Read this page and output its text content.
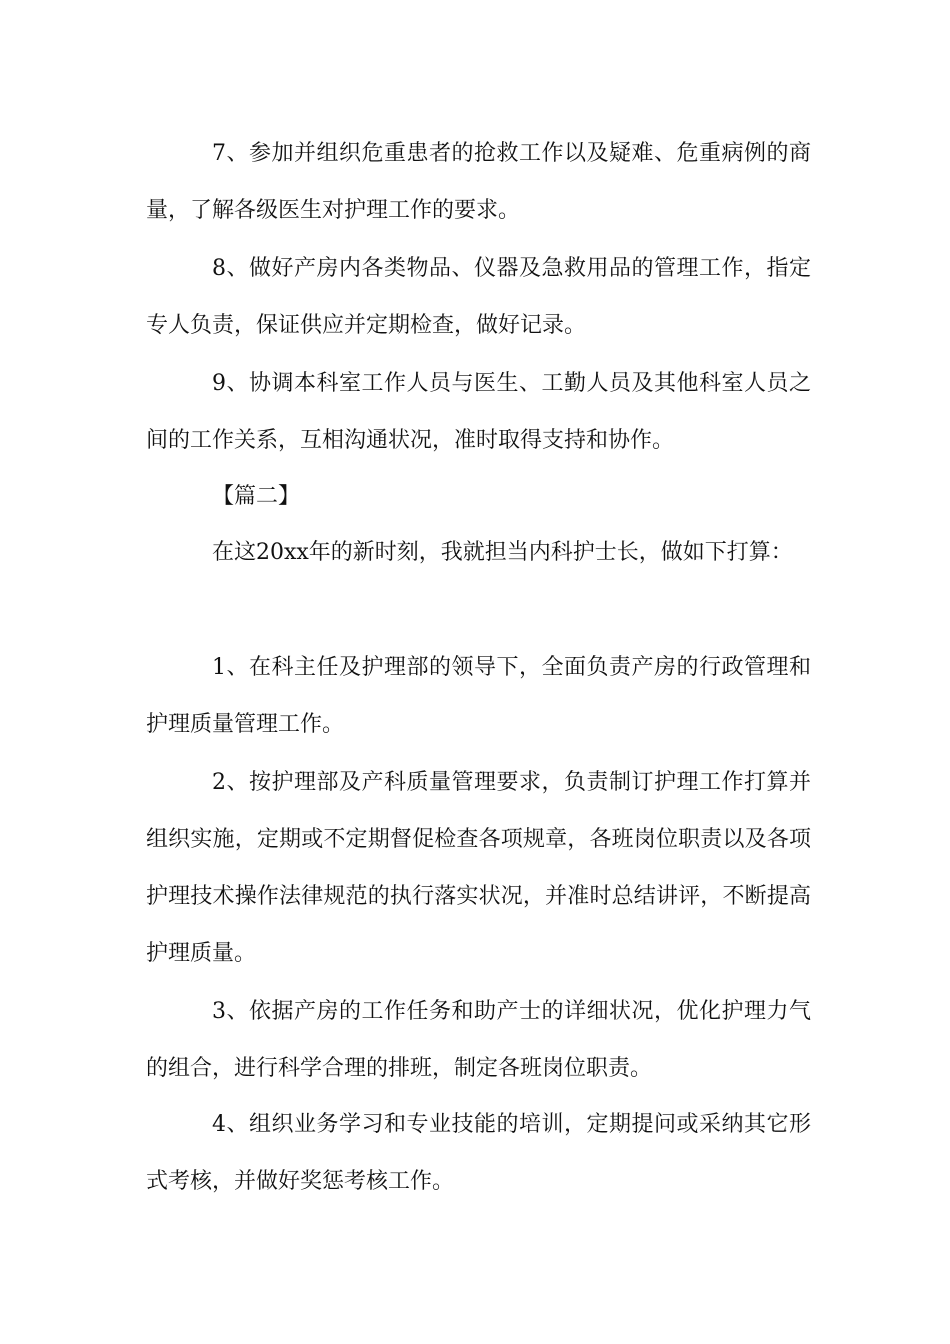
7、参加并组织危重患者的抢救工作以及疑难、危重病例的商量，了解各级医生对护理工作的要求。

8、做好产房内各类物品、仪器及急救用品的管理工作，指定专人负责，保证供应并定期检查，做好记录。

9、协调本科室工作人员与医生、工勤人员及其他科室人员之间的工作关系，互相沟通状况，准时取得支持和协作。

【篇二】

在这20xx年的新时刻，我就担当内科护士长，做如下打算：

1、在科主任及护理部的领导下，全面负责产房的行政管理和护理质量管理工作。

2、按护理部及产科质量管理要求，负责制订护理工作打算并组织实施，定期或不定期督促检查各项规章，各班岗位职责以及各项护理技术操作法律规范的执行落实状况，并准时总结讲评，不断提高护理质量。

3、依据产房的工作任务和助产士的详细状况，优化护理力气的组合，进行科学合理的排班，制定各班岗位职责。

4、组织业务学习和专业技能的培训，定期提问或采纳其它形式考核，并做好奖惩考核工作。
